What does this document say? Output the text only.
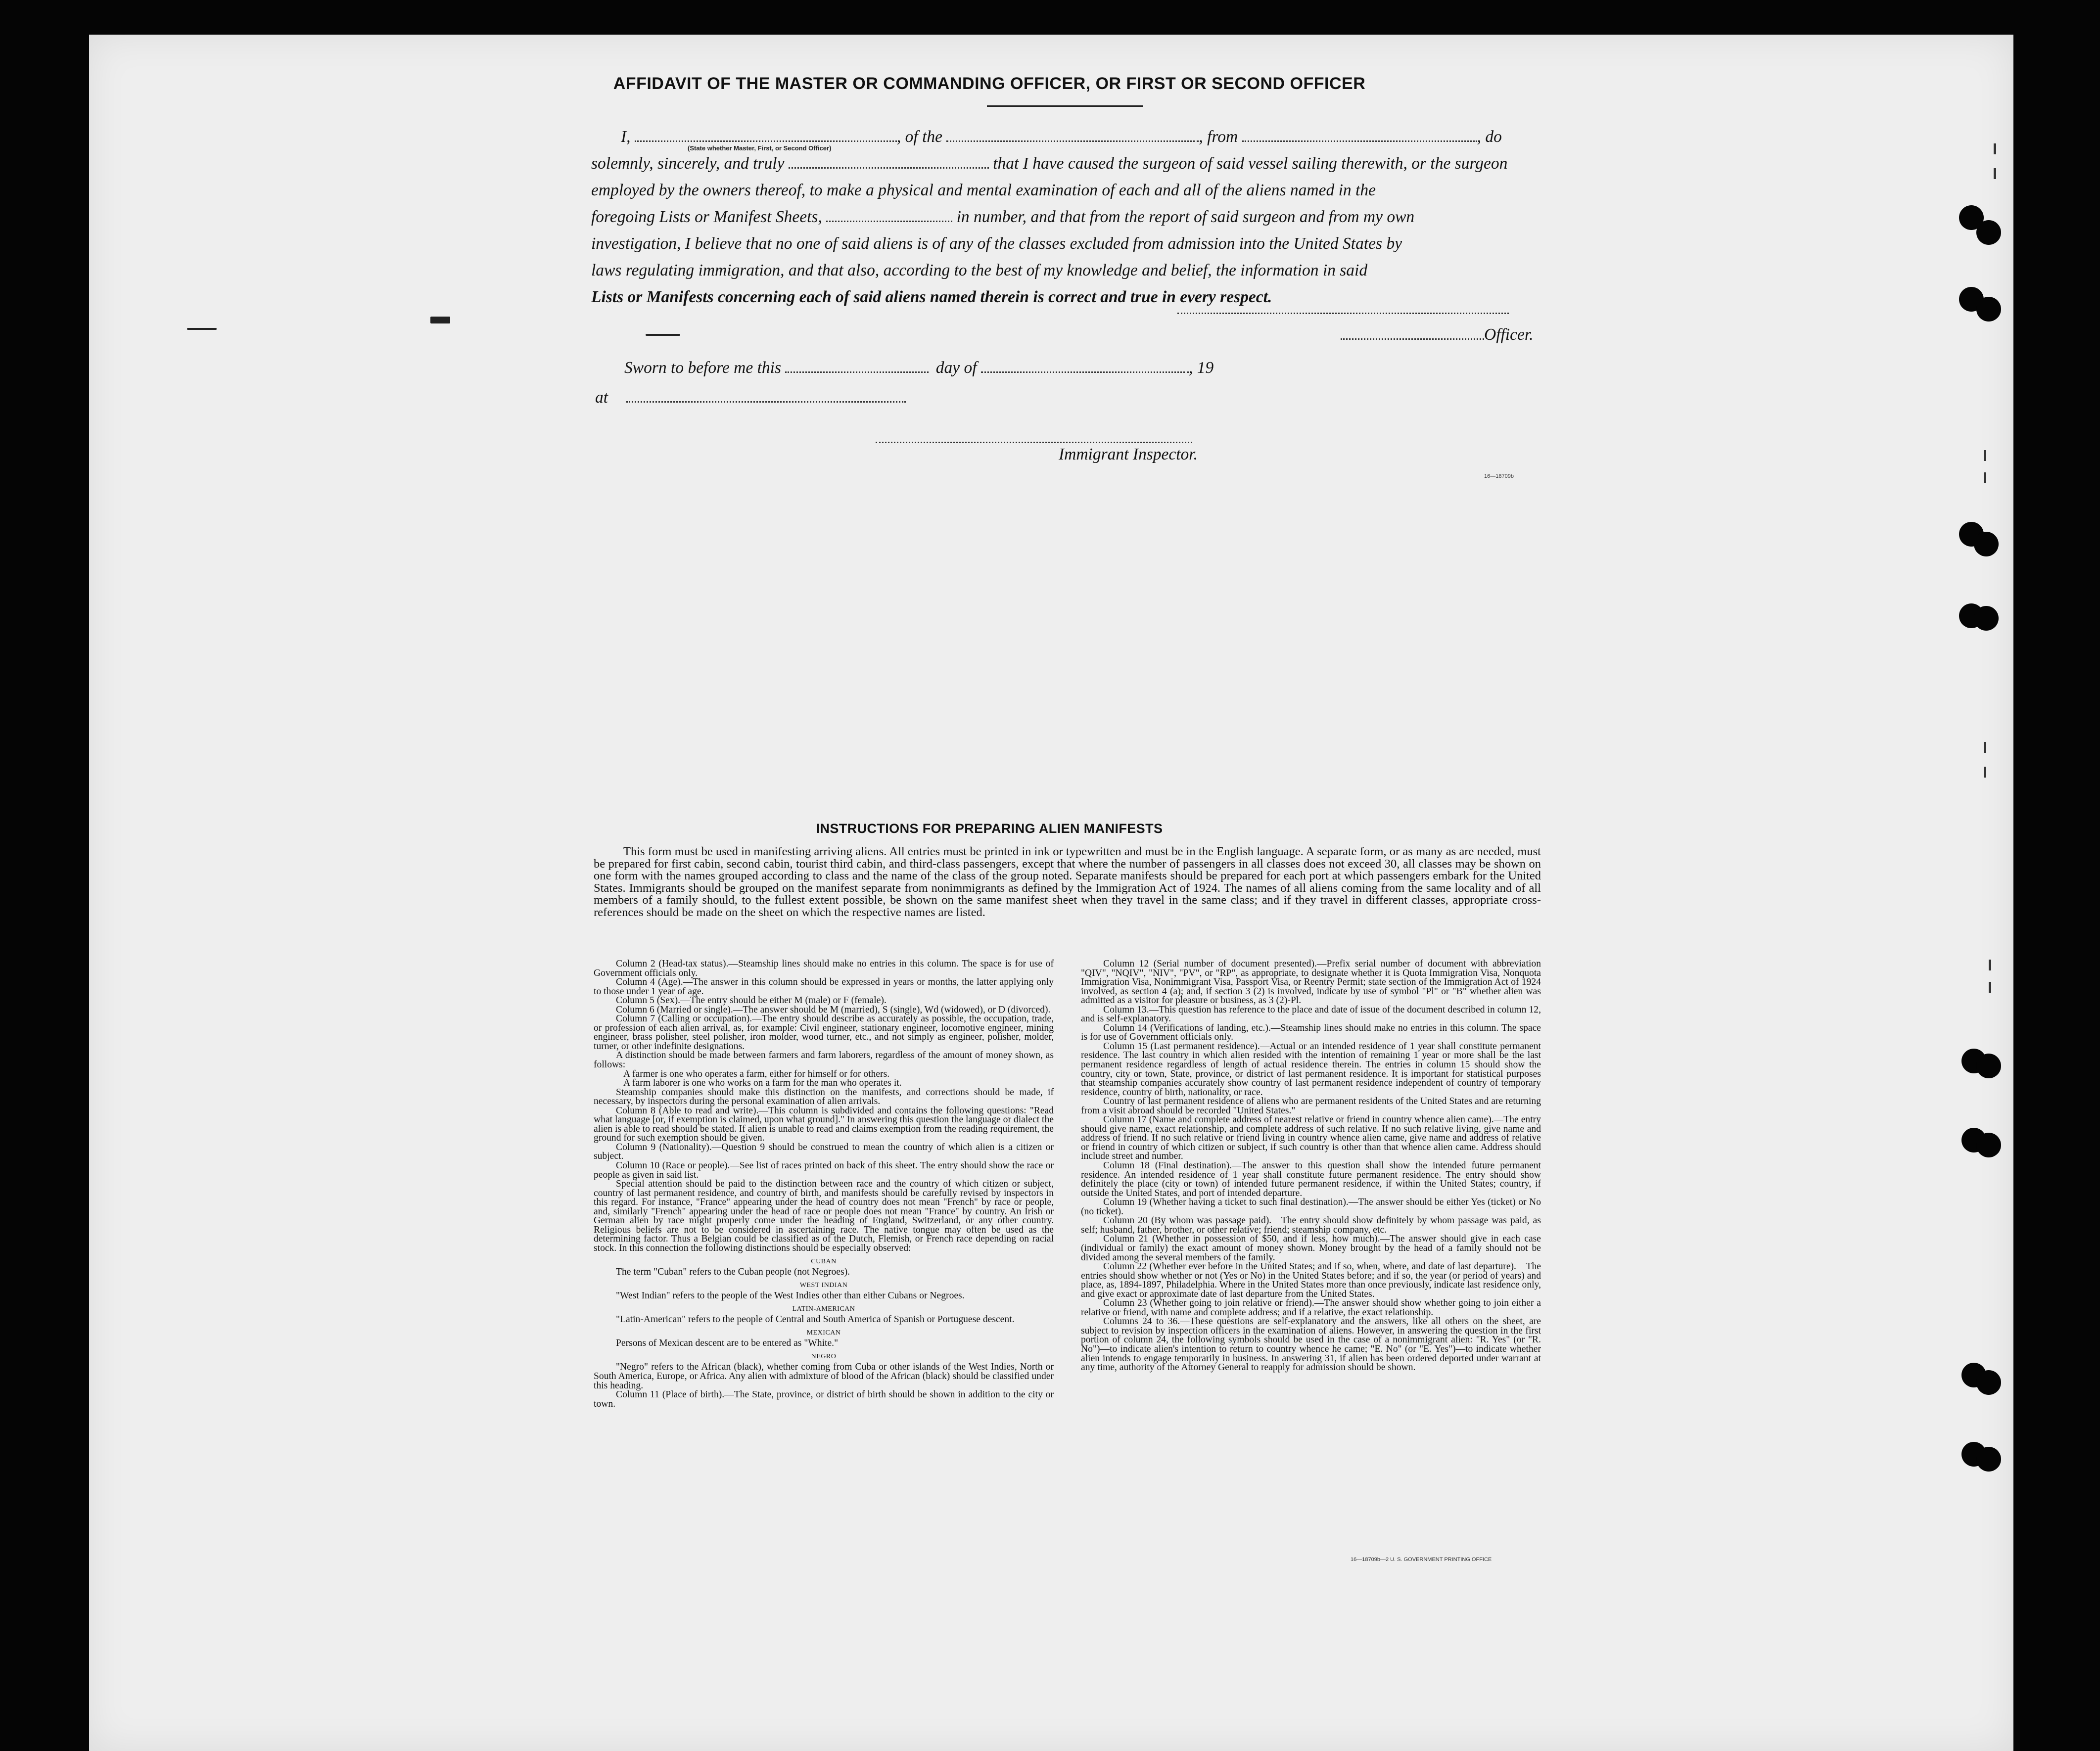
AFFIDAVIT OF THE MASTER OR COMMANDING OFFICER, OR FIRST OR SECOND OFFICER

I,	, of the	, from	, do

solemnly, sincerely, and truly	that I have caused the surgeon of said vessel sailing therewith, or the surgeon

employed by the owners thereof, to make a physical and mental examination of each and all of the aliens named in the

foregoing Lists or Manifest Sheets,	in number, and that from the report of said surgeon and from my own

investigation, I believe that no one of said aliens is of any of the classes excluded from admission into the United States by

laws regulating immigration, and that also, according to the best of my knowledge and belief, the information in said

Lists or Manifests concerning each of said aliens named therein is correct and true in every respect.

(State whether Master, First, or Second Officer)
Officer.
Sworn to before me this	day of	, 19
at
Immigrant Inspector.
16—18709b
INSTRUCTIONS FOR PREPARING ALIEN MANIFESTS

This form must be used in manifesting arriving aliens. All entries must be printed in ink or typewritten and must be in the English language. A separate form, or as many as are needed, must be prepared for first cabin, second cabin, tourist third cabin, and third-class passengers, except that where the number of passengers in all classes does not exceed 30, all classes may be shown on one form with the names grouped according to class and the name of the class of the group noted. Separate manifests should be prepared for each port at which passengers embark for the United States. Immigrants should be grouped on the manifest separate from nonimmigrants as defined by the Immigration Act of 1924. The names of all aliens coming from the same locality and of all members of a family should, to the fullest extent possible, be shown on the same manifest sheet when they travel in the same class; and if they travel in different classes, appropriate cross-references should be made on the sheet on which the respective names are listed.

Column 2 (Head-tax status).—Steamship lines should make no entries in this column. The space is for use of Government officials only.

Column 4 (Age).—The answer in this column should be expressed in years or months, the latter applying only to those under 1 year of age.

Column 5 (Sex).—The entry should be either M (male) or F (female).

Column 6 (Married or single).—The answer should be M (married), S (single), Wd (widowed), or D (divorced).

Column 7 (Calling or occupation).—The entry should describe as accurately as possible, the occupation, trade, or profession of each alien arrival, as, for example: Civil engineer, stationary engineer, locomotive engineer, mining engineer, brass polisher, steel polisher, iron molder, wood turner, etc., and not simply as engineer, polisher, molder, turner, or other indefinite designations.

A distinction should be made between farmers and farm laborers, regardless of the amount of money shown, as follows:

A farmer is one who operates a farm, either for himself or for others.

A farm laborer is one who works on a farm for the man who operates it.

Steamship companies should make this distinction on the manifests, and corrections should be made, if necessary, by inspectors during the personal examination of alien arrivals.

Column 8 (Able to read and write).—This column is subdivided and contains the following questions: "Read what language [or, if exemption is claimed, upon what ground]." In answering this question the language or dialect the alien is able to read should be stated. If alien is unable to read and claims exemption from the reading requirement, the ground for such exemption should be given.

Column 9 (Nationality).—Question 9 should be construed to mean the country of which alien is a citizen or subject.

Column 10 (Race or people).—See list of races printed on back of this sheet. The entry should show the race or people as given in said list.

Special attention should be paid to the distinction between race and the country of which citizen or subject, country of last permanent residence, and country of birth, and manifests should be carefully revised by inspectors in this regard. For instance, "France" appearing under the head of country does not mean "French" by race or people, and, similarly "French" appearing under the head of race or people does not mean "France" by country. An Irish or German alien by race might properly come under the heading of England, Switzerland, or any other country. Religious beliefs are not to be considered in ascertaining race. The native tongue may often be used as the determining factor. Thus a Belgian could be classified as of the Dutch, Flemish, or French race depending on racial stock. In this connection the following distinctions should be especially observed:

CUBAN

The term "Cuban" refers to the Cuban people (not Negroes).

WEST INDIAN

"West Indian" refers to the people of the West Indies other than either Cubans or Negroes.

LATIN-AMERICAN

"Latin-American" refers to the people of Central and South America of Spanish or Portuguese descent.

MEXICAN

Persons of Mexican descent are to be entered as "White."

NEGRO

"Negro" refers to the African (black), whether coming from Cuba or other islands of the West Indies, North or South America, Europe, or Africa. Any alien with admixture of blood of the African (black) should be classified under this heading.

Column 11 (Place of birth).—The State, province, or district of birth should be shown in addition to the city or town.

Column 12 (Serial number of document presented).—Prefix serial number of document with abbreviation "QIV", "NQIV", "NIV", "PV", or "RP", as appropriate, to designate whether it is Quota Immigration Visa, Nonquota Immigration Visa, Nonimmigrant Visa, Passport Visa, or Reentry Permit; state section of the Immigration Act of 1924 involved, as section 4 (a); and, if section 3 (2) is involved, indicate by use of symbol "Pl" or "B" whether alien was admitted as a visitor for pleasure or business, as 3 (2)-Pl.

Column 13.—This question has reference to the place and date of issue of the document described in column 12, and is self-explanatory.

Column 14 (Verifications of landing, etc.).—Steamship lines should make no entries in this column. The space is for use of Government officials only.

Column 15 (Last permanent residence).—Actual or an intended residence of 1 year shall constitute permanent residence. The last country in which alien resided with the intention of remaining 1 year or more shall be the last permanent residence regardless of length of actual residence therein. The entries in column 15 should show the country, city or town, State, province, or district of last permanent residence. It is important for statistical purposes that steamship companies accurately show country of last permanent residence independent of country of temporary residence, country of birth, nationality, or race.

Country of last permanent residence of aliens who are permanent residents of the United States and are returning from a visit abroad should be recorded "United States."

Column 17 (Name and complete address of nearest relative or friend in country whence alien came).—The entry should give name, exact relationship, and complete address of such relative. If no such relative living, give name and address of friend. If no such relative or friend living in country whence alien came, give name and address of relative or friend in country of which citizen or subject, if such country is other than that whence alien came. Address should include street and number.

Column 18 (Final destination).—The answer to this question shall show the intended future permanent residence. An intended residence of 1 year shall constitute future permanent residence. The entry should show definitely the place (city or town) of intended future permanent residence, if within the United States; country, if outside the United States, and port of intended departure.

Column 19 (Whether having a ticket to such final destination).—The answer should be either Yes (ticket) or No (no ticket).

Column 20 (By whom was passage paid).—The entry should show definitely by whom passage was paid, as self; husband, father, brother, or other relative; friend; steamship company, etc.

Column 21 (Whether in possession of $50, and if less, how much).—The answer should give in each case (individual or family) the exact amount of money shown. Money brought by the head of a family should not be divided among the several members of the family.

Column 22 (Whether ever before in the United States; and if so, when, where, and date of last departure).—The entries should show whether or not (Yes or No) in the United States before; and if so, the year (or period of years) and place, as, 1894-1897, Philadelphia. Where in the United States more than once previously, indicate last residence only, and give exact or approximate date of last departure from the United States.

Column 23 (Whether going to join relative or friend).—The answer should show whether going to join either a relative or friend, with name and complete address; and if a relative, the exact relationship.

Columns 24 to 36.—These questions are self-explanatory and the answers, like all others on the sheet, are subject to revision by inspection officers in the examination of aliens. However, in answering the question in the first portion of column 24, the following symbols should be used in the case of a nonimmigrant alien: "R. Yes" (or "R. No")—to indicate alien's intention to return to country whence he came; "E. No" (or "E. Yes")—to indicate whether alien intends to engage temporarily in business. In answering 31, if alien has been ordered deported under warrant at any time, authority of the Attorney General to reapply for admission should be shown.

16—18709b—2 U. S. GOVERNMENT PRINTING OFFICE
